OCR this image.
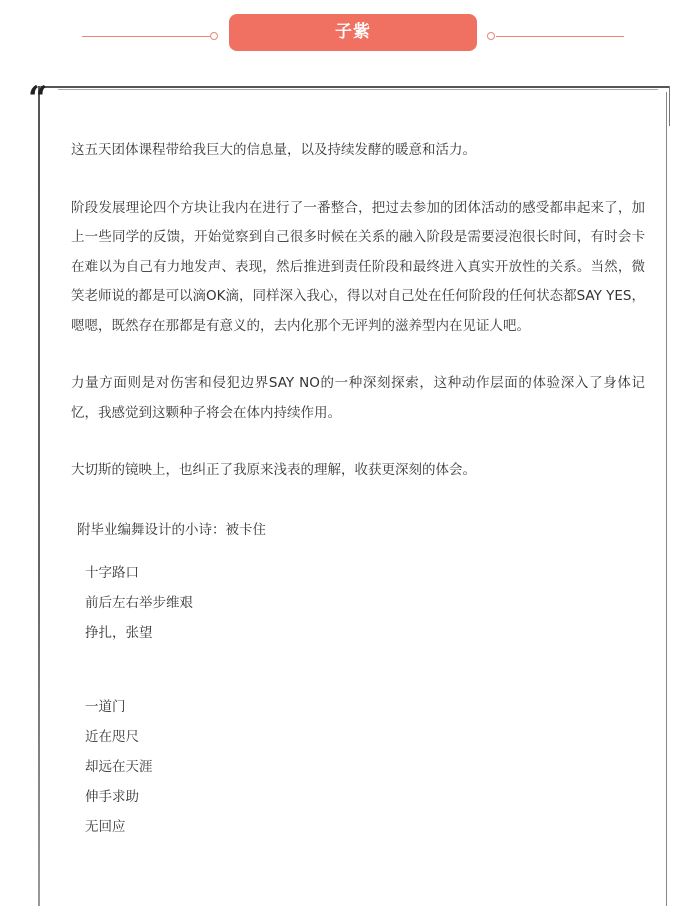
子紫
“

这五天团体课程带给我巨大的信息量，以及持续发酵的暖意和活力。

阶段发展理论四个方块让我内在进行了一番整合，把过去参加的团体活动的感受都串起来了，加上一些同学的反馈，开始觉察到自己很多时候在关系的融入阶段是需要浸泡很长时间，有时会卡在难以为自己有力地发声、表现，然后推进到责任阶段和最终进入真实开放性的关系。当然，微笑老师说的都是可以滴OK滴，同样深入我心，得以对自己处在任何阶段的任何状态都SAY YES，嗯嗯，既然存在那都是有意义的，去内化那个无评判的滋养型内在见证人吧。

力量方面则是对伤害和侵犯边界SAY NO的一种深刻探索，这种动作层面的体验深入了身体记忆，我感觉到这颗种子将会在体内持续作用。

大切斯的镜映上，也纠正了我原来浅表的理解，收获更深刻的体会。

附毕业编舞设计的小诗：被卡住

十字路口
前后左右举步维艰
挣扎，张望
一道门
近在咫尺
却远在天涯
伸手求助
无回应
